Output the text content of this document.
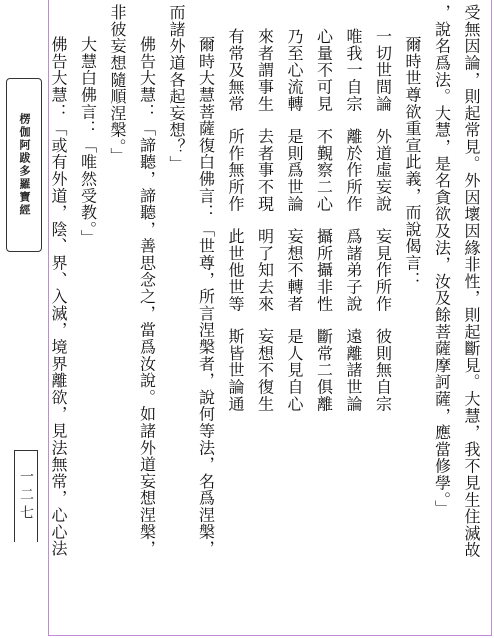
楞伽阿跋多羅寶經
一二七	受無因論，則起常見。外因壞因緣非性，則起斷見。大慧，我不見生住滅故
，說名爲法。大慧，是名貪欲及法，汝及餘菩薩摩訶薩，應當修學。」
爾時世尊欲重宣此義，而說偈言：
一切世間論外道虛妄說妄見作所作彼則無自宗
唯我一自宗離於作所作爲諸弟子說遠離諸世論
心量不可見不覲察二心攝所攝非性斷常二俱離
乃至心流轉是則爲世論妄想不轉者是人見自心
來者謂事生去者事不現明了知去來妄想不復生
有常及無常所作無所作此世他世等斯皆世論通
爾時大慧菩薩復白佛言：「世尊，所言涅槃者，說何等法，名爲涅槃，
而諸外道各起妄想？」
佛告大慧：「諦聽，諦聽，善思念之，當爲汝說。如諸外道妄想涅槃，
非彼妄想隨順涅槃。」
大慧白佛言：「唯然受教。」
佛告大慧：「或有外道，陰、界、入滅，境界離欲，見法無常，心心法
